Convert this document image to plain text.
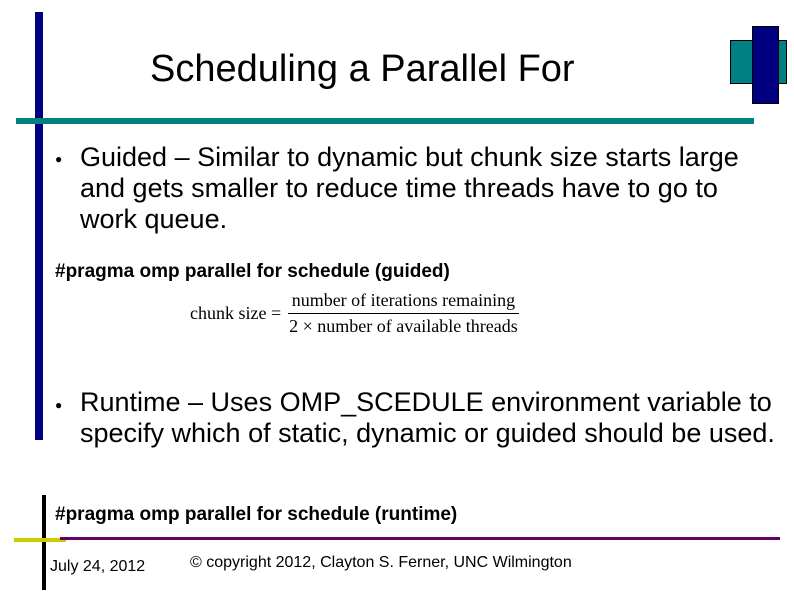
Scheduling a Parallel For
● Guided – Similar to dynamic but chunk size starts large and gets smaller to reduce time threads have to go to work queue.
#pragma omp parallel for schedule (guided)
chunk size = $\frac{\text{number of iterations remaining}}{\text{2 × number of available threads}}$
● Runtime – Uses OMP_SCEDULE environment variable to specify which of static, dynamic or guided should be used.
#pragma omp parallel for schedule (runtime)
July 24, 2012	© copyright 2012, Clayton S. Ferner, UNC Wilmington
